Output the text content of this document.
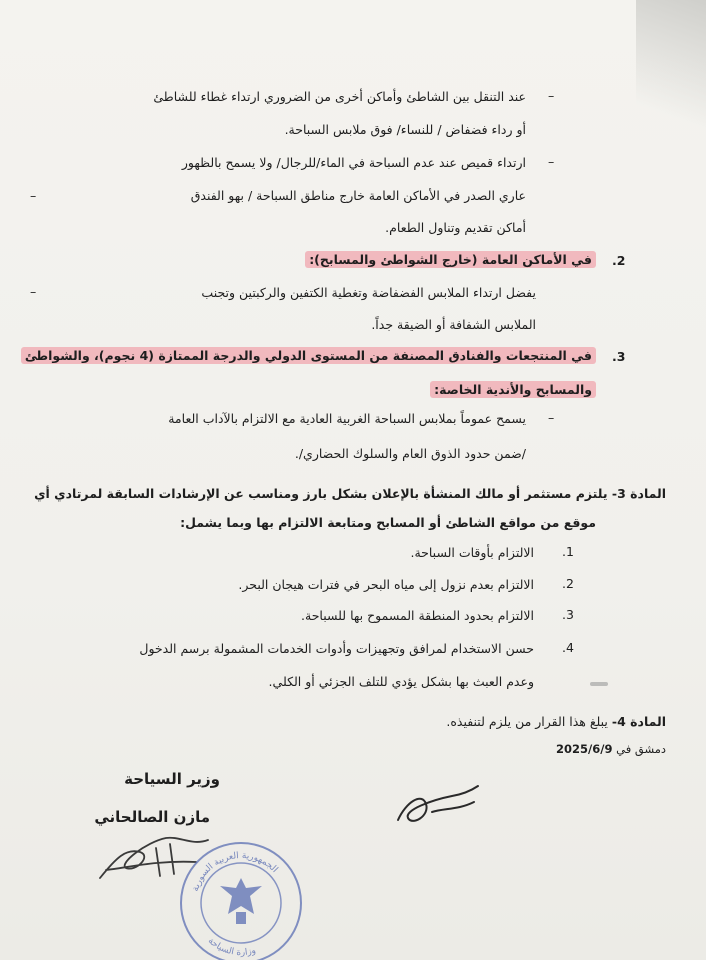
–
–
–
–
–
عند التنقل بين الشاطئ وأماكن أخرى من الضروري ارتداء غطاء للشاطئ
أو رداء فضفاض / للنساء/ فوق ملابس السباحة.
ارتداء قميص عند عدم السباحة في الماء/للرجال/ ولا يسمح بالظهور
عاري الصدر في الأماكن العامة خارج مناطق السباحة / بهو الفندق
أماكن تقديم وتناول الطعام.
.2
في الأماكن العامة (خارج الشواطئ والمسابح):
يفضل ارتداء الملابس الفضفاضة وتغطية الكتفين والركبتين وتجنب
الملابس الشفافة أو الضيقة جداً.
.3
في المنتجعات والفنادق المصنفة من المستوى الدولي والدرجة الممتازة (4 نجوم)، والشواطئ
والمسابح والأندية الخاصة:
يسمح عموماً بملابس السباحة الغربية العادية مع الالتزام بالآداب العامة
/ضمن حدود الذوق العام والسلوك الحضاري/.
المادة 3- يلتزم مستثمر أو مالك المنشأة بالإعلان بشكل بارز ومناسب عن الإرشادات السابقة لمرتادي أي
موقع من مواقع الشاطئ أو المسابح ومتابعة الالتزام بها وبما يشمل:
.1
الالتزام بأوقات السباحة.
.2
الالتزام بعدم نزول إلى مياه البحر في فترات هيجان البحر.
.3
الالتزام بحدود المنطقة المسموح بها للسباحة.
.4
حسن الاستخدام لمرافق وتجهيزات وأدوات الخدمات المشمولة برسم الدخول
وعدم العبث بها بشكل يؤدي للتلف الجزئي أو الكلي.
المادة 4- يبلغ هذا القرار من يلزم لتنفيذه.
دمشق في 2025/6/9
وزير السياحة
مازن الصالحاني
الجمهورية العربية السورية
وزارة السياحة
